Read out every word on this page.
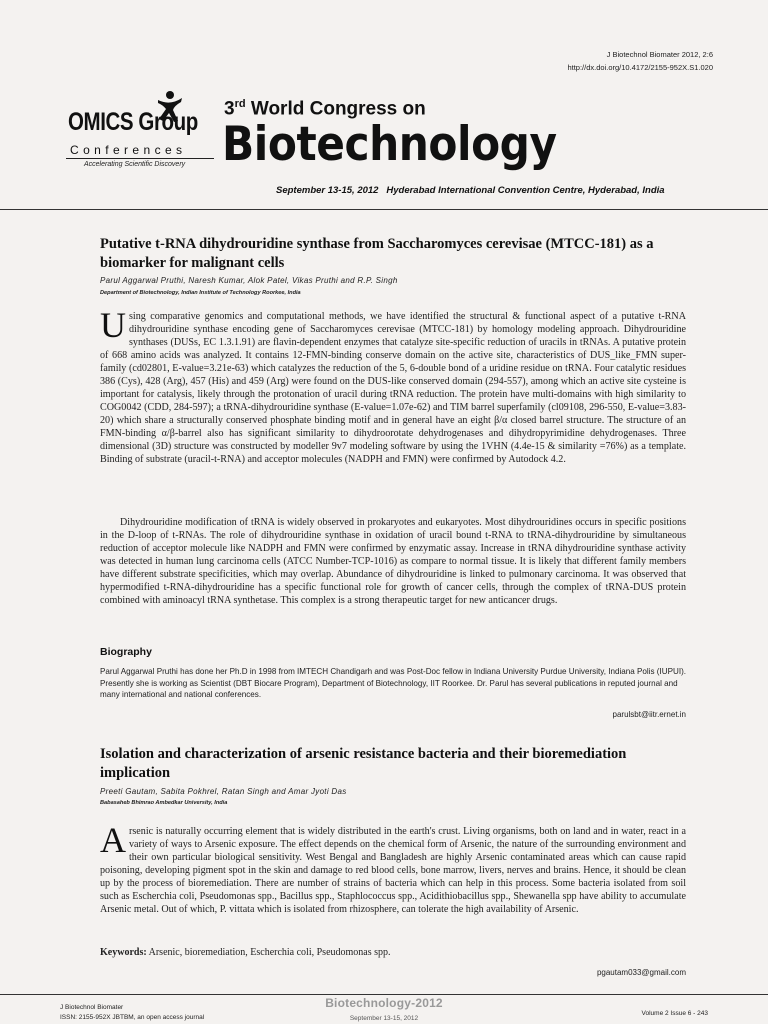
J Biotechnol Biomater 2012, 2:6
http://dx.doi.org/10.4172/2155-952X.S1.020
OMICS Group
Conferences
Accelerating Scientific Discovery
3rd World Congress on
Biotechnology
September 13-15, 2012 Hyderabad International Convention Centre, Hyderabad, India
Putative t-RNA dihydrouridine synthase from Saccharomyces cerevisae (MTCC-181) as a biomarker for malignant cells
Parul Aggarwal Pruthi, Naresh Kumar, Alok Patel, Vikas Pruthi and R.P. Singh
Department of Biotechnology, Indian Institute of Technology Roorkee, India

Using comparative genomics and computational methods, we have identified the structural & functional aspect of a putative t-RNA dihydrouridine synthase encoding gene of Saccharomyces cerevisae (MTCC-181) by homology modeling approach. Dihydrouridine synthases (DUSs, EC 1.3.1.91) are flavin-dependent enzymes that catalyze site-specific reduction of uracils in tRNAs. A putative protein of 668 amino acids was analyzed. It contains 12-FMN-binding conserve domain on the active site, characteristics of DUS_like_FMN super-family (cd02801, E-value=3.21e-63) which catalyzes the reduction of the 5, 6-double bond of a uridine residue on tRNA. Four catalytic residues 386 (Cys), 428 (Arg), 457 (His) and 459 (Arg) were found on the DUS-like conserved domain (294-557), among which an active site cysteine is important for catalysis, likely through the protonation of uracil during tRNA reduction. The protein have multi-domains with high similarity to COG0042 (CDD, 284-597); a tRNA-dihydrouridine synthase (E-value=1.07e-62) and TIM barrel superfamily (cl09108, 296-550, E-value=3.83-20) which share a structurally conserved phosphate binding motif and in general have an eight β/α closed barrel structure. The structure of an FMN-binding α/β-barrel also has significant similarity to dihydroorotate dehydrogenases and dihydropyrimidine dehydrogenases. Three dimensional (3D) structure was constructed by modeller 9v7 modeling software by using the 1VHN (4.4e-15 & similarity =76%) as a template. Binding of substrate (uracil-t-RNA) and acceptor molecules (NADPH and FMN) were confirmed by Autodock 4.2.

Dihydrouridine modification of tRNA is widely observed in prokaryotes and eukaryotes. Most dihydrouridines occurs in specific positions in the D-loop of t-RNAs. The role of dihydrouridine synthase in oxidation of uracil bound t-RNA to tRNA-dihydrouridine by simultaneous reduction of acceptor molecule like NADPH and FMN were confirmed by enzymatic assay. Increase in tRNA dihydrouridine synthase activity was detected in human lung carcinoma cells (ATCC Number-TCP-1016) as compare to normal tissue. It is likely that different family members have different substrate specificities, which may overlap. Abundance of dihydrouridine is linked to pulmonary carcinoma. It was observed that hypermodified t-RNA-dihydrouridine has a specific functional role for growth of cancer cells, through the complex of tRNA-DUS protein combined with aminoacyl tRNA synthetase. This complex is a strong therapeutic target for new anticancer drugs.

Biography

Parul Aggarwal Pruthi has done her Ph.D in 1998 from IMTECH Chandigarh and was Post-Doc fellow in Indiana University Purdue University, Indiana Polis (IUPUI). Presently she is working as Scientist (DBT Biocare Program), Department of Biotechnology, IIT Roorkee. Dr. Parul has several publications in reputed journal and many international and national conferences.

parulsbt@iitr.ernet.in
Isolation and characterization of arsenic resistance bacteria and their bioremediation implication
Preeti Gautam, Sabita Pokhrel, Ratan Singh and Amar Jyoti Das
Babasaheb Bhimrao Ambedkar University, India

Arsenic is naturally occurring element that is widely distributed in the earth's crust. Living organisms, both on land and in water, react in a variety of ways to Arsenic exposure. The effect depends on the chemical form of Arsenic, the nature of the surrounding environment and their own particular biological sensitivity. West Bengal and Bangladesh are highly Arsenic contaminated areas which can cause rapid poisoning, developing pigment spot in the skin and damage to red blood cells, bone marrow, livers, nerves and brains. Hence, it should be clean up by the process of bioremediation. There are number of strains of bacteria which can help in this process. Some bacteria isolated from soil such as Escherchia coli, Pseudomonas spp., Bacillus spp., Staphlococcus spp., Acidithiobacillus spp., Shewanella spp have ability to accumulate Arsenic metal. Out of which, P. vittata which is isolated from rhizosphere, can tolerate the high availability of Arsenic.

Keywords: Arsenic, bioremediation, Escherchia coli, Pseudomonas spp.
pgautam033@gmail.com
J Biotechnol Biomater
ISSN: 2155-952X JBTBM, an open access journal
Biotechnology-2012
September 13-15, 2012
Volume 2 Issue 6 - 243
